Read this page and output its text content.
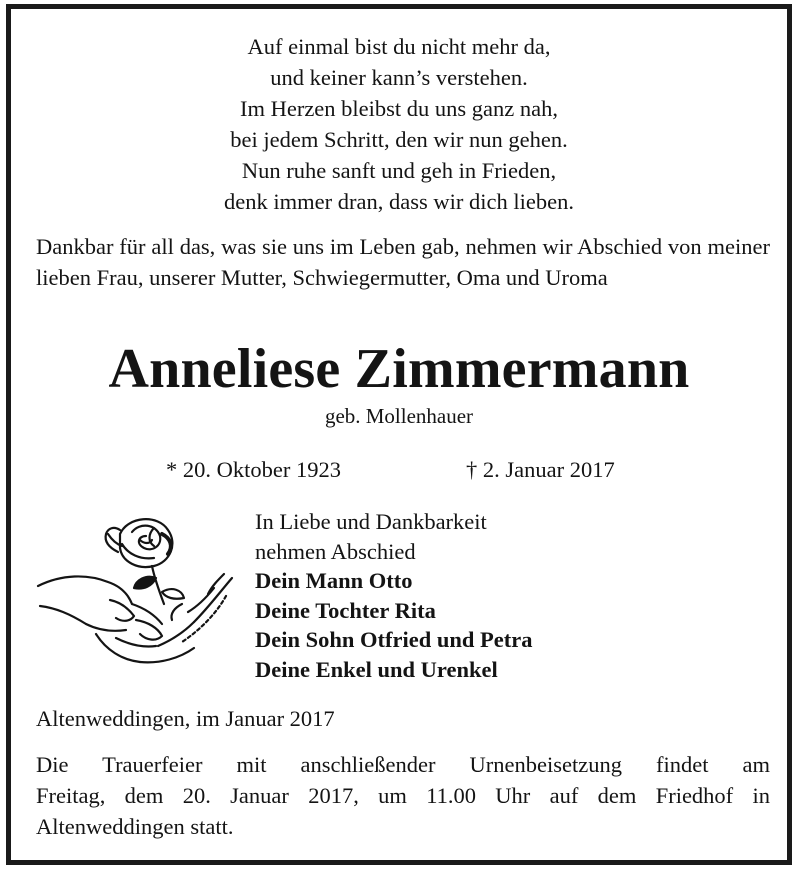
Auf einmal bist du nicht mehr da,
und keiner kann’s verstehen.
Im Herzen bleibst du uns ganz nah,
bei jedem Schritt, den wir nun gehen.
Nun ruhe sanft und geh in Frieden,
denk immer dran, dass wir dich lieben.
Dankbar für all das, was sie uns im Leben gab, nehmen wir Abschied von meiner lieben Frau, unserer Mutter, Schwiegermutter, Oma und Uroma
Anneliese Zimmermann
geb. Mollenhauer
* 20. Oktober 1923	† 2. Januar 2017
In Liebe und Dankbarkeit
nehmen Abschied
Dein Mann Otto
Deine Tochter Rita
Dein Sohn Otfried und Petra
Deine Enkel und Urenkel
Altenweddingen, im Januar 2017
Die Trauerfeier mit anschließender Urnenbeisetzung findet am
Freitag, dem 20. Januar 2017, um 11.00 Uhr auf dem Friedhof in
Altenweddingen statt.
